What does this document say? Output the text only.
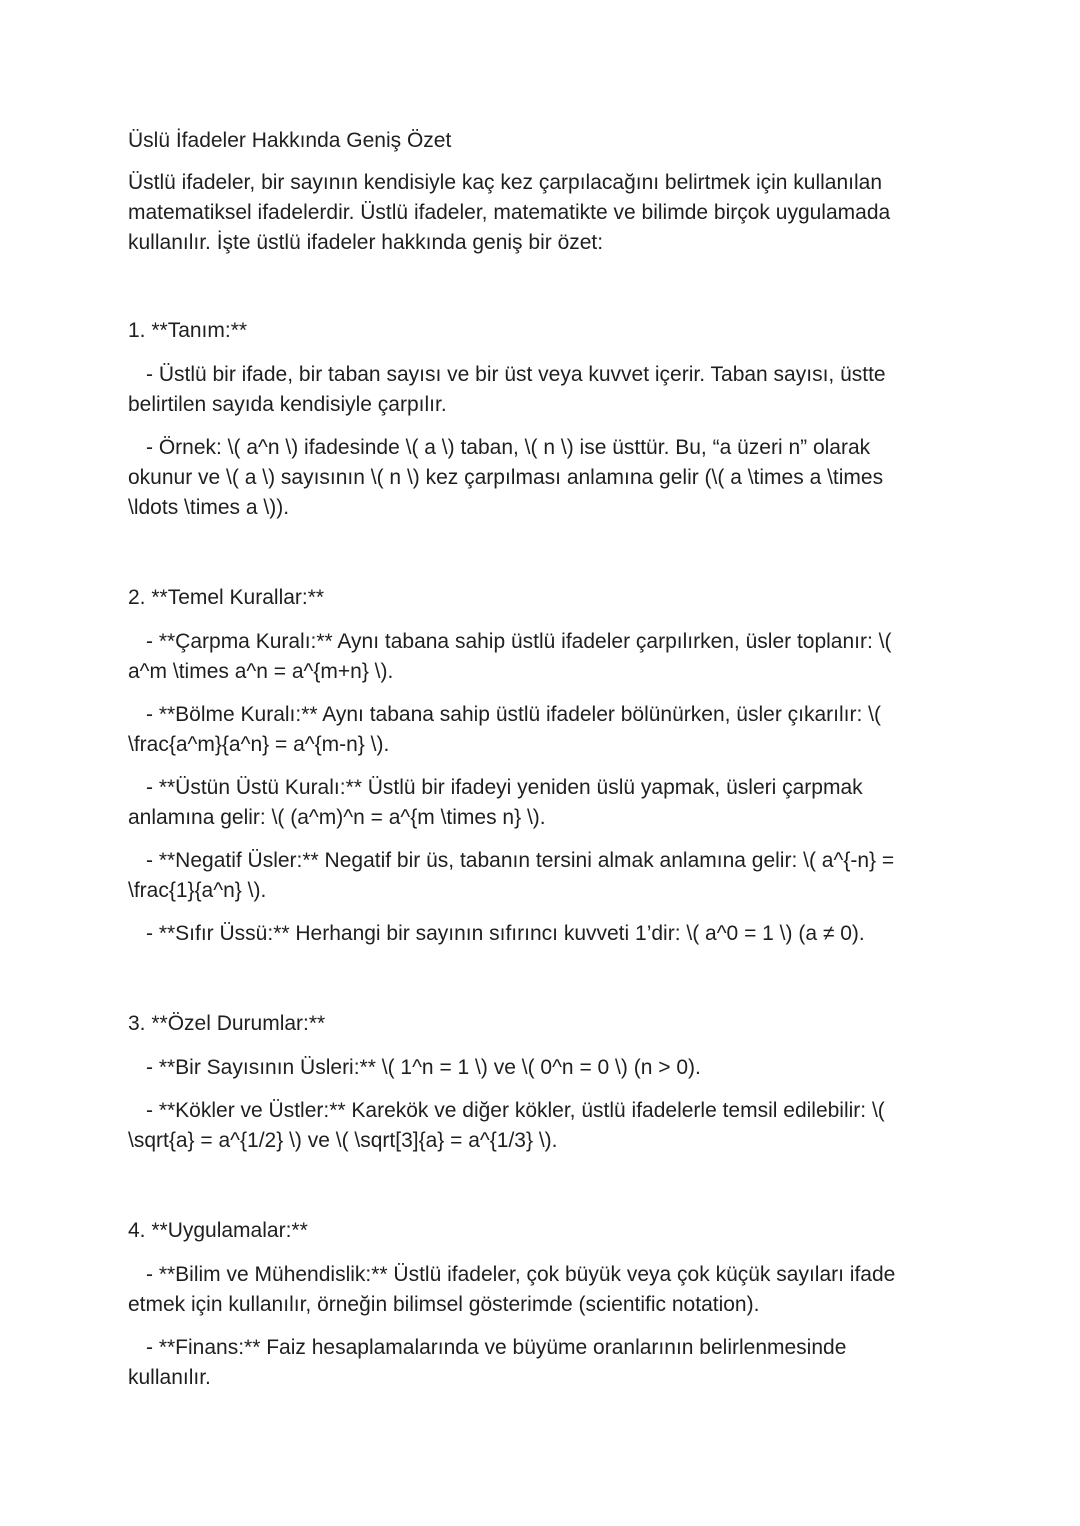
Üslü İfadeler Hakkında Geniş Özet

Üstlü ifadeler, bir sayının kendisiyle kaç kez çarpılacağını belirtmek için kullanılan matematiksel ifadelerdir. Üstlü ifadeler, matematikte ve bilimde birçok uygulamada kullanılır. İşte üstlü ifadeler hakkında geniş bir özet:

1. **Tanım:**

- Üstlü bir ifade, bir taban sayısı ve bir üst veya kuvvet içerir. Taban sayısı, üstte belirtilen sayıda kendisiyle çarpılır.

- Örnek: \( a^n \) ifadesinde \( a \) taban, \( n \) ise üsttür. Bu, “a üzeri n” olarak okunur ve \( a \) sayısının \( n \) kez çarpılması anlamına gelir (\( a \times a \times \ldots \times a \)).

2. **Temel Kurallar:**

- **Çarpma Kuralı:** Aynı tabana sahip üstlü ifadeler çarpılırken, üsler toplanır: \( a^m \times a^n = a^{m+n} \).

- **Bölme Kuralı:** Aynı tabana sahip üstlü ifadeler bölünürken, üsler çıkarılır: \( \frac{a^m}{a^n} = a^{m-n} \).

- **Üstün Üstü Kuralı:** Üstlü bir ifadeyi yeniden üslü yapmak, üsleri çarpmak anlamına gelir: \( (a^m)^n = a^{m \times n} \).

- **Negatif Üsler:** Negatif bir üs, tabanın tersini almak anlamına gelir: \( a^{-n} = \frac{1}{a^n} \).

- **Sıfır Üssü:** Herhangi bir sayının sıfırıncı kuvveti 1’dir: \( a^0 = 1 \) (a ≠ 0).

3. **Özel Durumlar:**

- **Bir Sayısının Üsleri:** \( 1^n = 1 \) ve \( 0^n = 0 \) (n > 0).

- **Kökler ve Üstler:** Karekök ve diğer kökler, üstlü ifadelerle temsil edilebilir: \( \sqrt{a} = a^{1/2} \) ve \( \sqrt[3]{a} = a^{1/3} \).

4. **Uygulamalar:**

- **Bilim ve Mühendislik:** Üstlü ifadeler, çok büyük veya çok küçük sayıları ifade etmek için kullanılır, örneğin bilimsel gösterimde (scientific notation).

- **Finans:** Faiz hesaplamalarında ve büyüme oranlarının belirlenmesinde kullanılır.
